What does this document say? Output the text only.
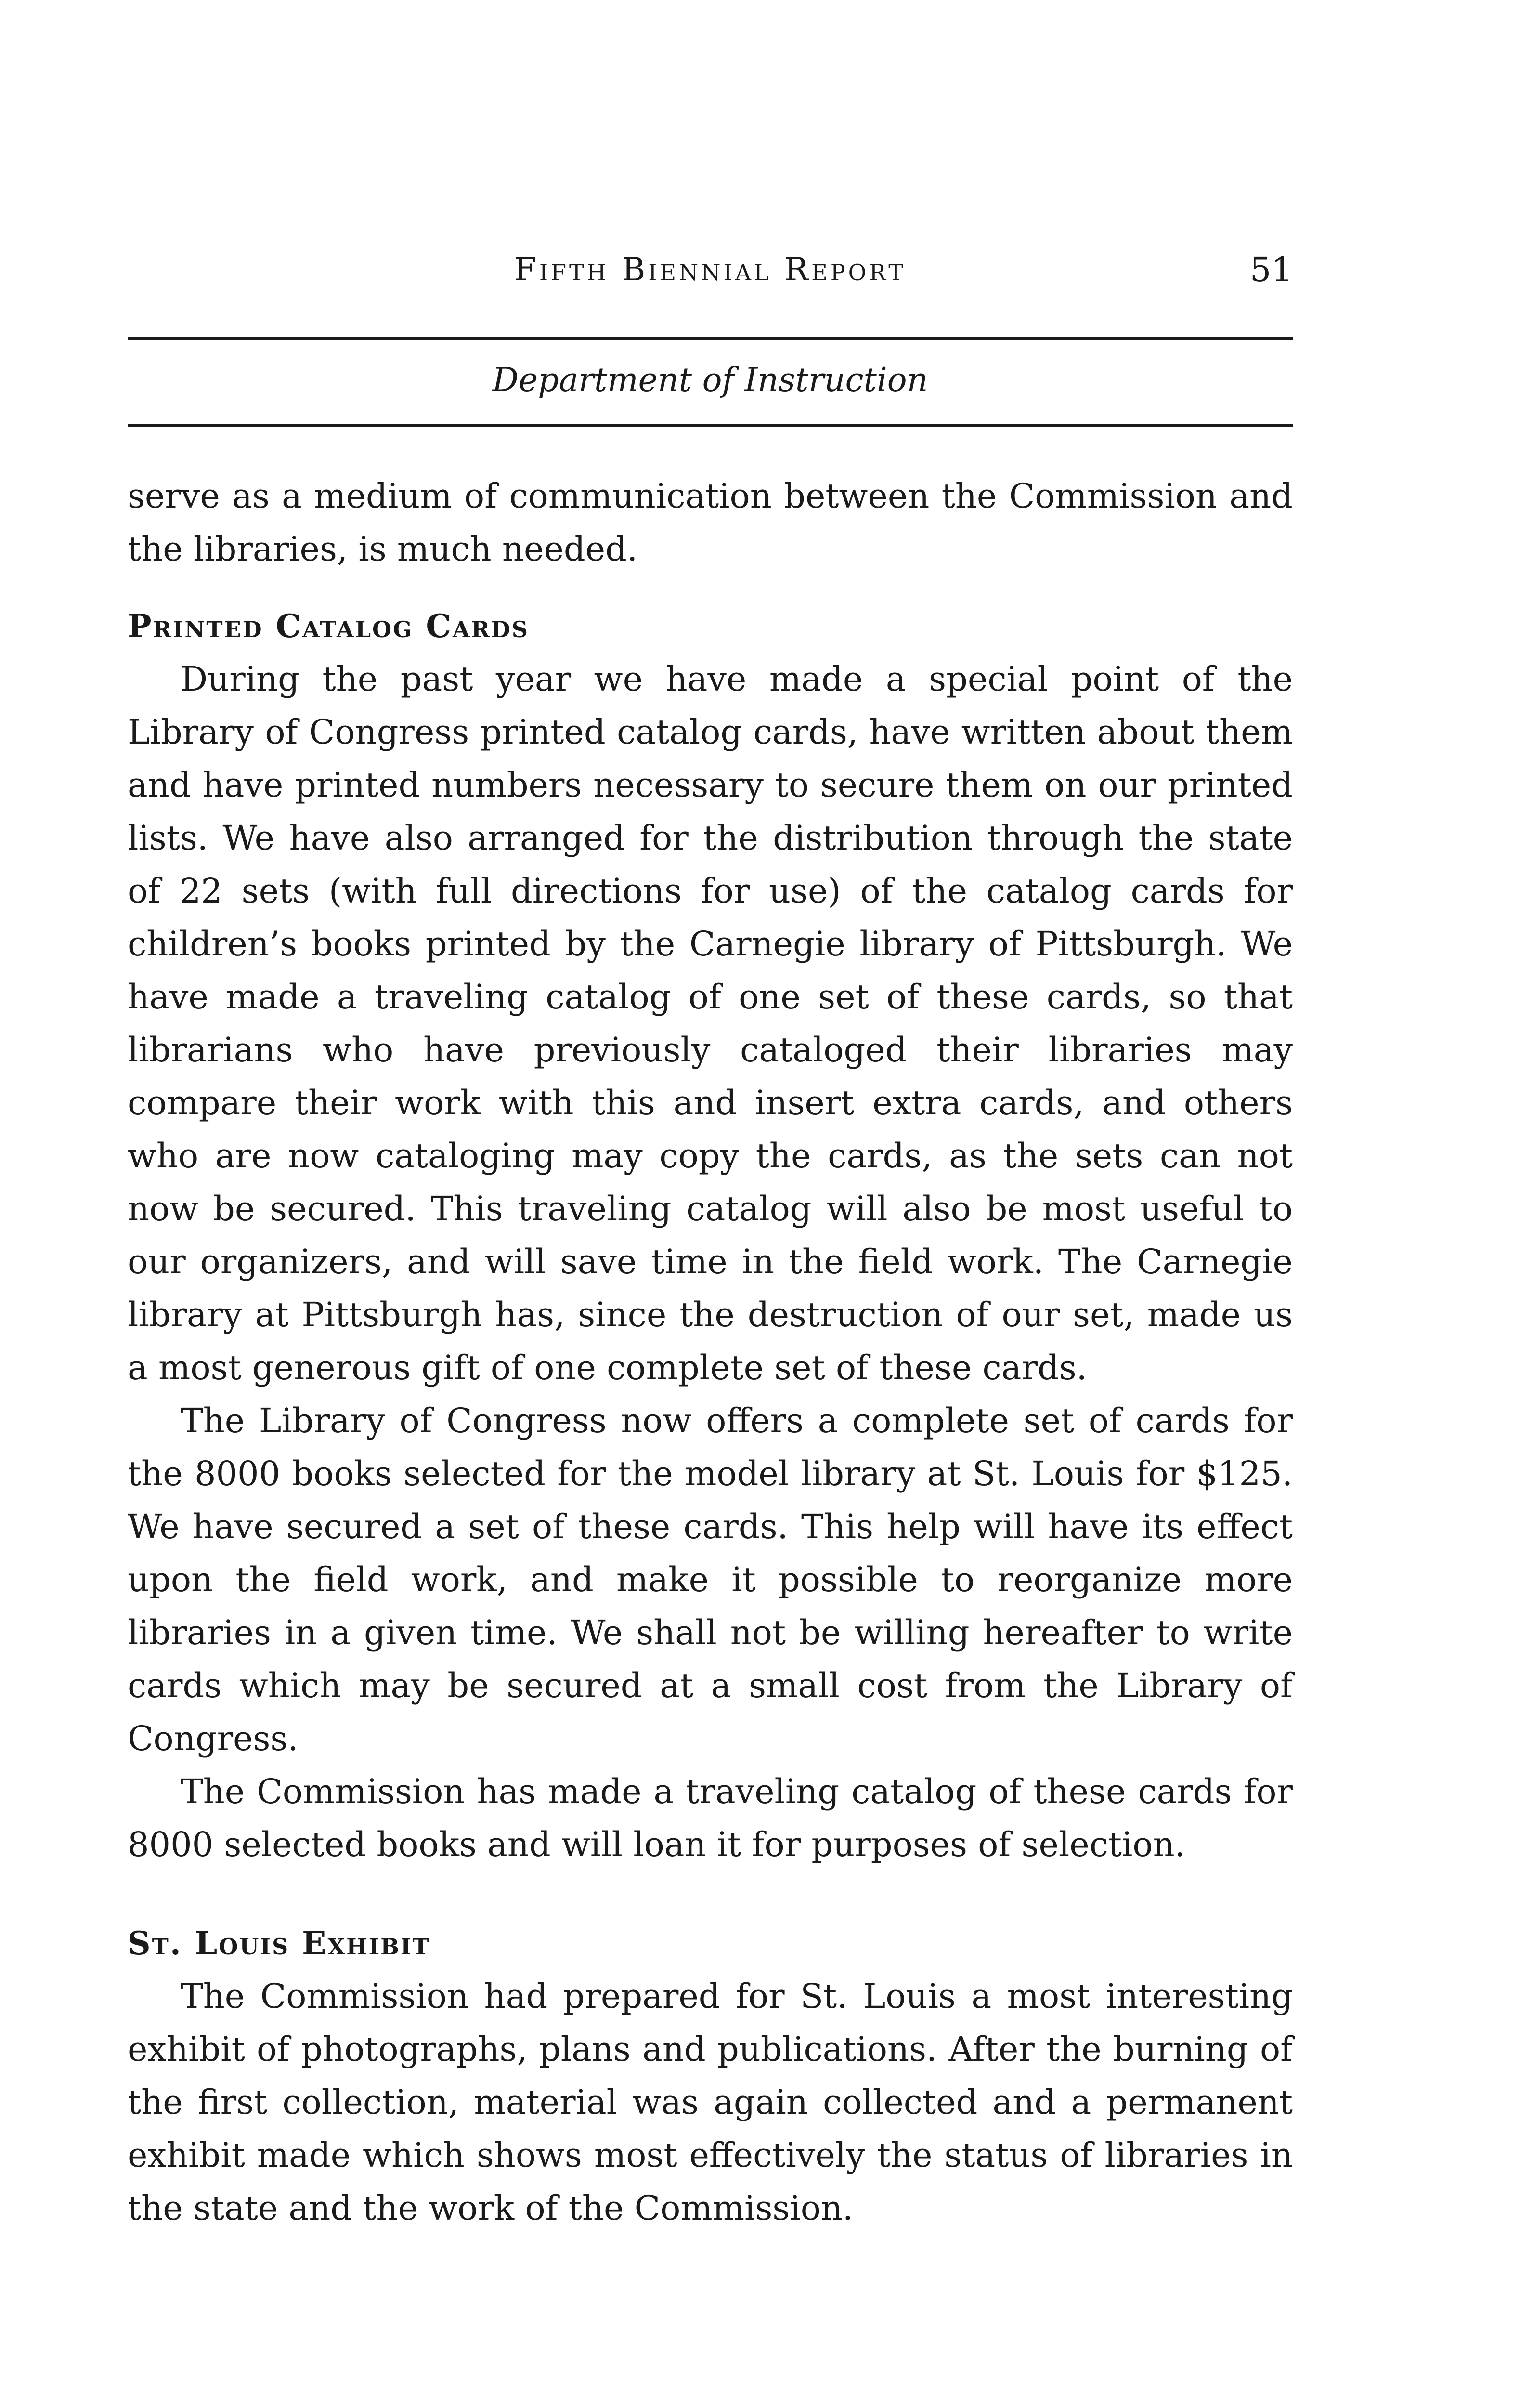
Fifth Biennial Report	51
Department of Instruction

serve as a medium of communication between the Commission and the libraries, is much needed.

Printed Catalog Cards

During the past year we have made a special point of the Library of Congress printed catalog cards, have written about them and have printed numbers necessary to secure them on our printed lists. We have also arranged for the distribution through the state of 22 sets (with full directions for use) of the catalog cards for children’s books printed by the Carnegie library of Pittsburgh. We have made a traveling catalog of one set of these cards, so that librarians who have previously cataloged their libraries may compare their work with this and insert extra cards, and others who are now cataloging may copy the cards, as the sets can not now be secured. This traveling catalog will also be most useful to our organizers, and will save time in the field work. The Carnegie library at Pittsburgh has, since the destruction of our set, made us a most generous gift of one complete set of these cards.

The Library of Congress now offers a complete set of cards for the 8000 books selected for the model library at St. Louis for $125. We have secured a set of these cards. This help will have its effect upon the field work, and make it possible to reorganize more libraries in a given time. We shall not be willing hereafter to write cards which may be secured at a small cost from the Library of Congress.

The Commission has made a traveling catalog of these cards for 8000 selected books and will loan it for purposes of selection.

St. Louis Exhibit

The Commission had prepared for St. Louis a most interesting exhibit of photographs, plans and publications. After the burning of the first collection, material was again collected and a permanent exhibit made which shows most effectively the status of libraries in the state and the work of the Commission.
